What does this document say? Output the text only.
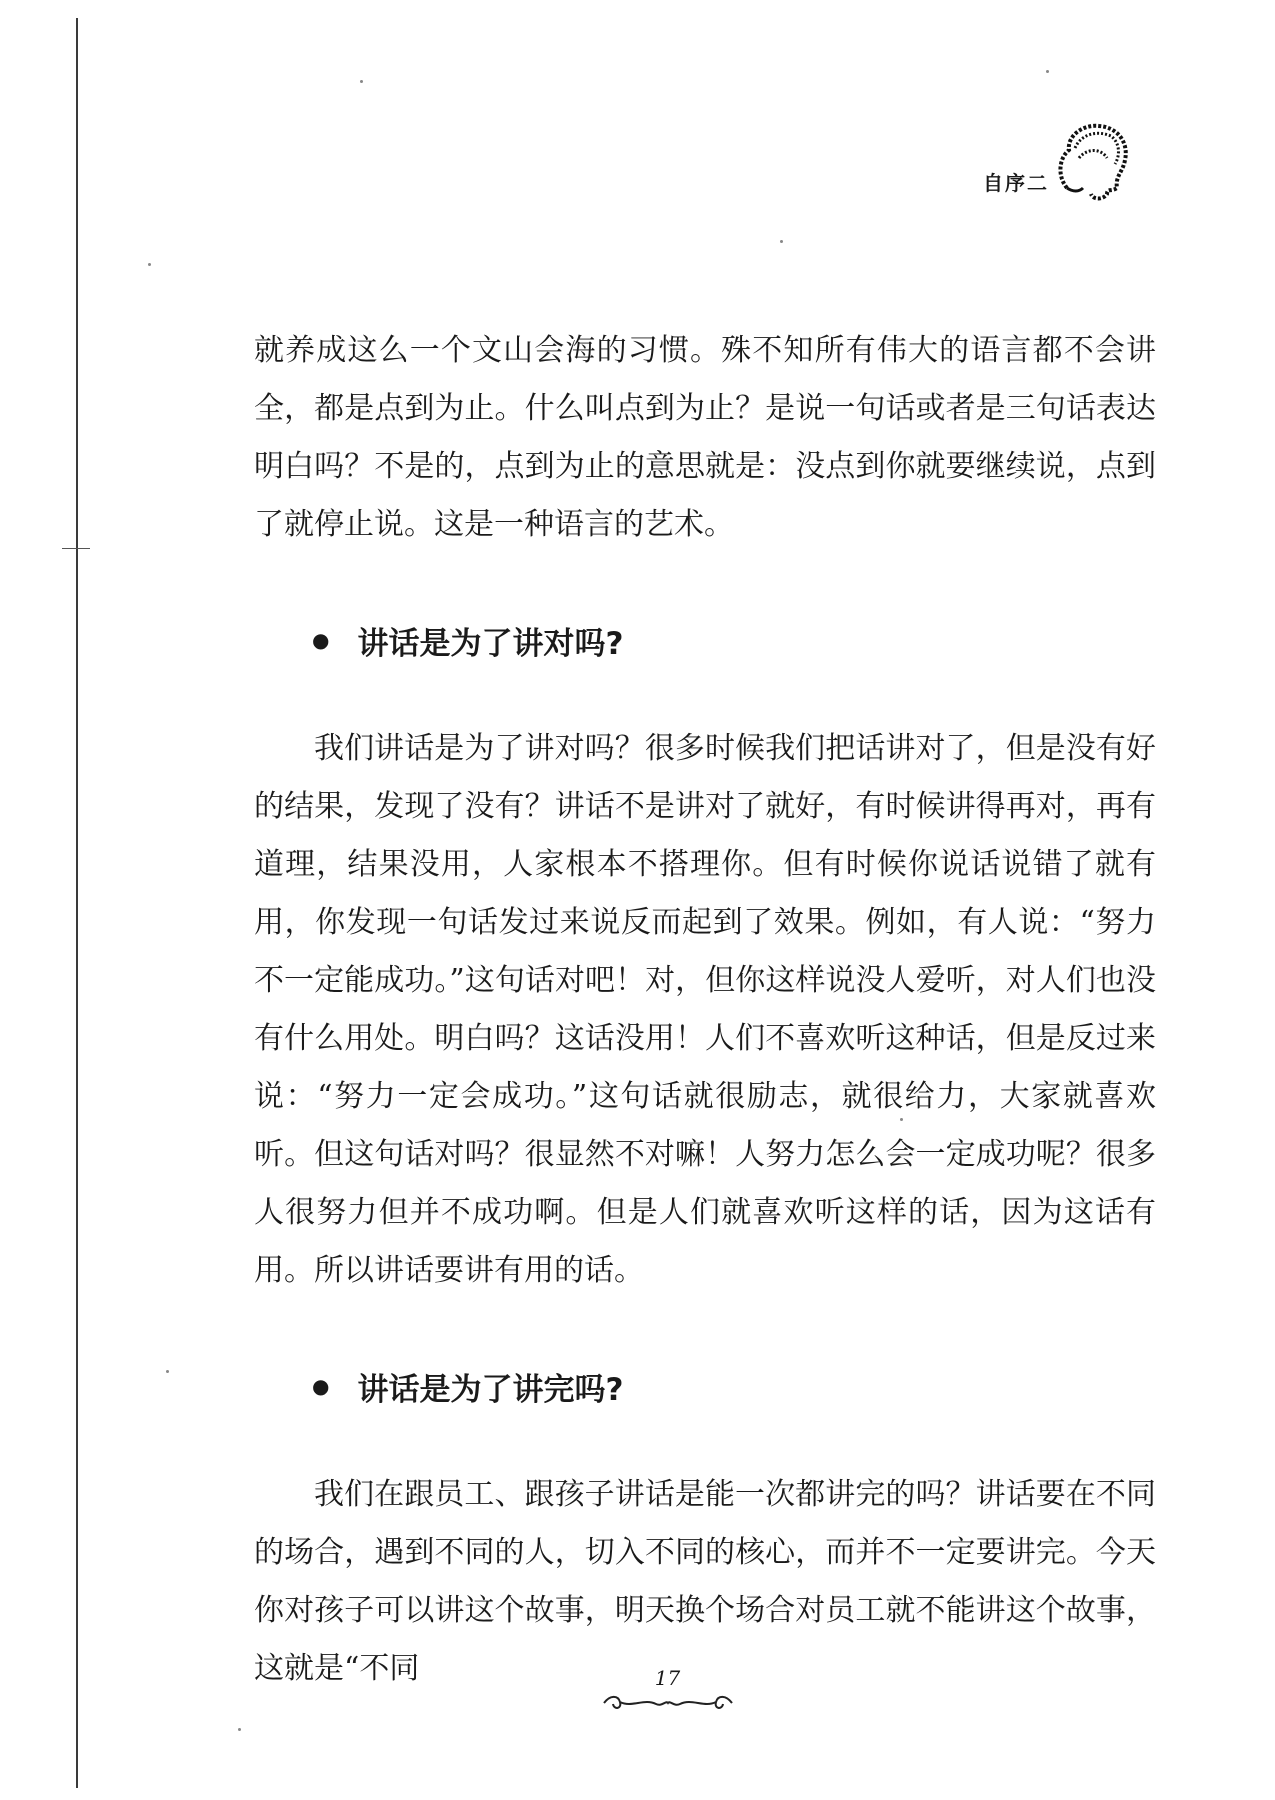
自序二

就养成这么一个文山会海的习惯。殊不知所有伟大的语言都不会讲全，都是点到为止。什么叫点到为止？是说一句话或者是三句话表达明白吗？不是的，点到为止的意思就是：没点到你就要继续说，点到了就停止说。这是一种语言的艺术。

● 讲话是为了讲对吗?

我们讲话是为了讲对吗？很多时候我们把话讲对了，但是没有好的结果，发现了没有？讲话不是讲对了就好，有时候讲得再对，再有道理，结果没用，人家根本不搭理你。但有时候你说话说错了就有用，你发现一句话发过来说反而起到了效果。例如，有人说：“努力不一定能成功。”这句话对吧！对，但你这样说没人爱听，对人们也没有什么用处。明白吗？这话没用！人们不喜欢听这种话，但是反过来说：“努力一定会成功。”这句话就很励志，就很给力，大家就喜欢听。但这句话对吗？很显然不对嘛！人努力怎么会一定成功呢？很多人很努力但并不成功啊。但是人们就喜欢听这样的话，因为这话有用。所以讲话要讲有用的话。

● 讲话是为了讲完吗?

我们在跟员工、跟孩子讲话是能一次都讲完的吗？讲话要在不同的场合，遇到不同的人，切入不同的核心，而并不一定要讲完。今天你对孩子可以讲这个故事，明天换个场合对员工就不能讲这个故事，这就是“不同	17
